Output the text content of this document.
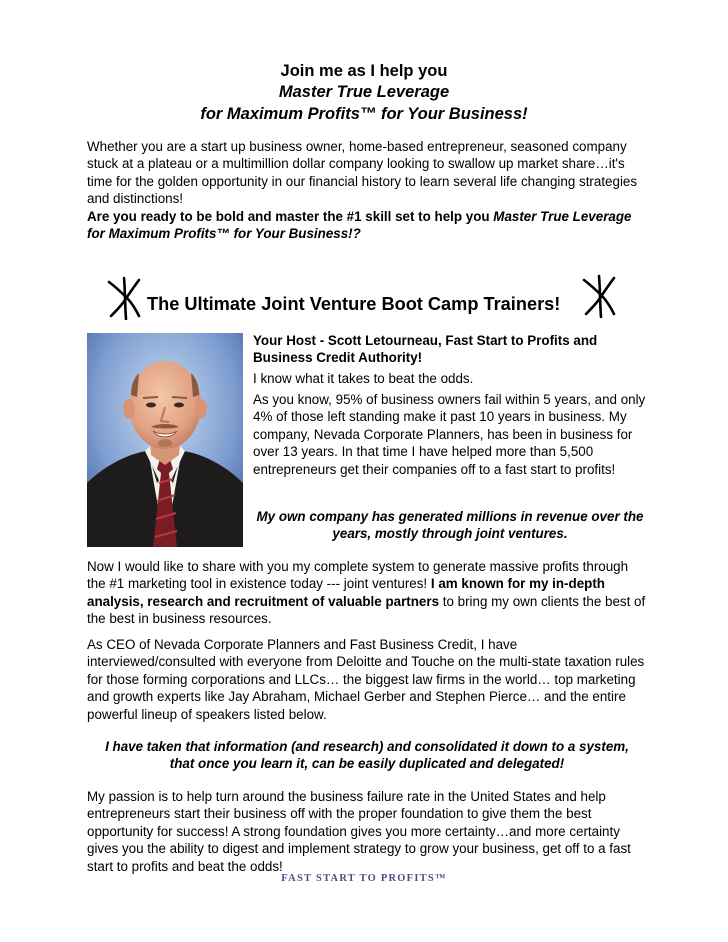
Join me as I help you
Master True Leverage
for Maximum Profits™ for Your Business!
Whether you are a start up business owner, home-based entrepreneur, seasoned company stuck at a plateau or a multimillion dollar company looking to swallow up market share…it's time for the golden opportunity in our financial history to learn several life changing strategies and distinctions!
Are you ready to be bold and master the #1 skill set to help you Master True Leverage for Maximum Profits™ for Your Business!?
The Ultimate Joint Venture Boot Camp Trainers!
Your Host - Scott Letourneau, Fast Start to Profits and Business Credit Authority!
I know what it takes to beat the odds.
As you know, 95% of business owners fail within 5 years, and only 4% of those left standing make it past 10 years in business. My company, Nevada Corporate Planners, has been in business for over 13 years. In that time I have helped more than 5,500 entrepreneurs get their companies off to a fast start to profits!
My own company has generated millions in revenue over the years, mostly through joint ventures.
Now I would like to share with you my complete system to generate massive profits through the #1 marketing tool in existence today --- joint ventures! I am known for my in-depth analysis, research and recruitment of valuable partners to bring my own clients the best of the best in business resources.
As CEO of Nevada Corporate Planners and Fast Business Credit, I have interviewed/consulted with everyone from Deloitte and Touche on the multi-state taxation rules for those forming corporations and LLCs… the biggest law firms in the world… top marketing and growth experts like Jay Abraham, Michael Gerber and Stephen Pierce… and the entire powerful lineup of speakers listed below.
I have taken that information (and research) and consolidated it down to a system, that once you learn it, can be easily duplicated and delegated!
My passion is to help turn around the business failure rate in the United States and help entrepreneurs start their business off with the proper foundation to give them the best opportunity for success! A strong foundation gives you more certainty…and more certainty gives you the ability to digest and implement strategy to grow your business, get off to a fast start to profits and beat the odds!
FAST START TO PROFITS™
